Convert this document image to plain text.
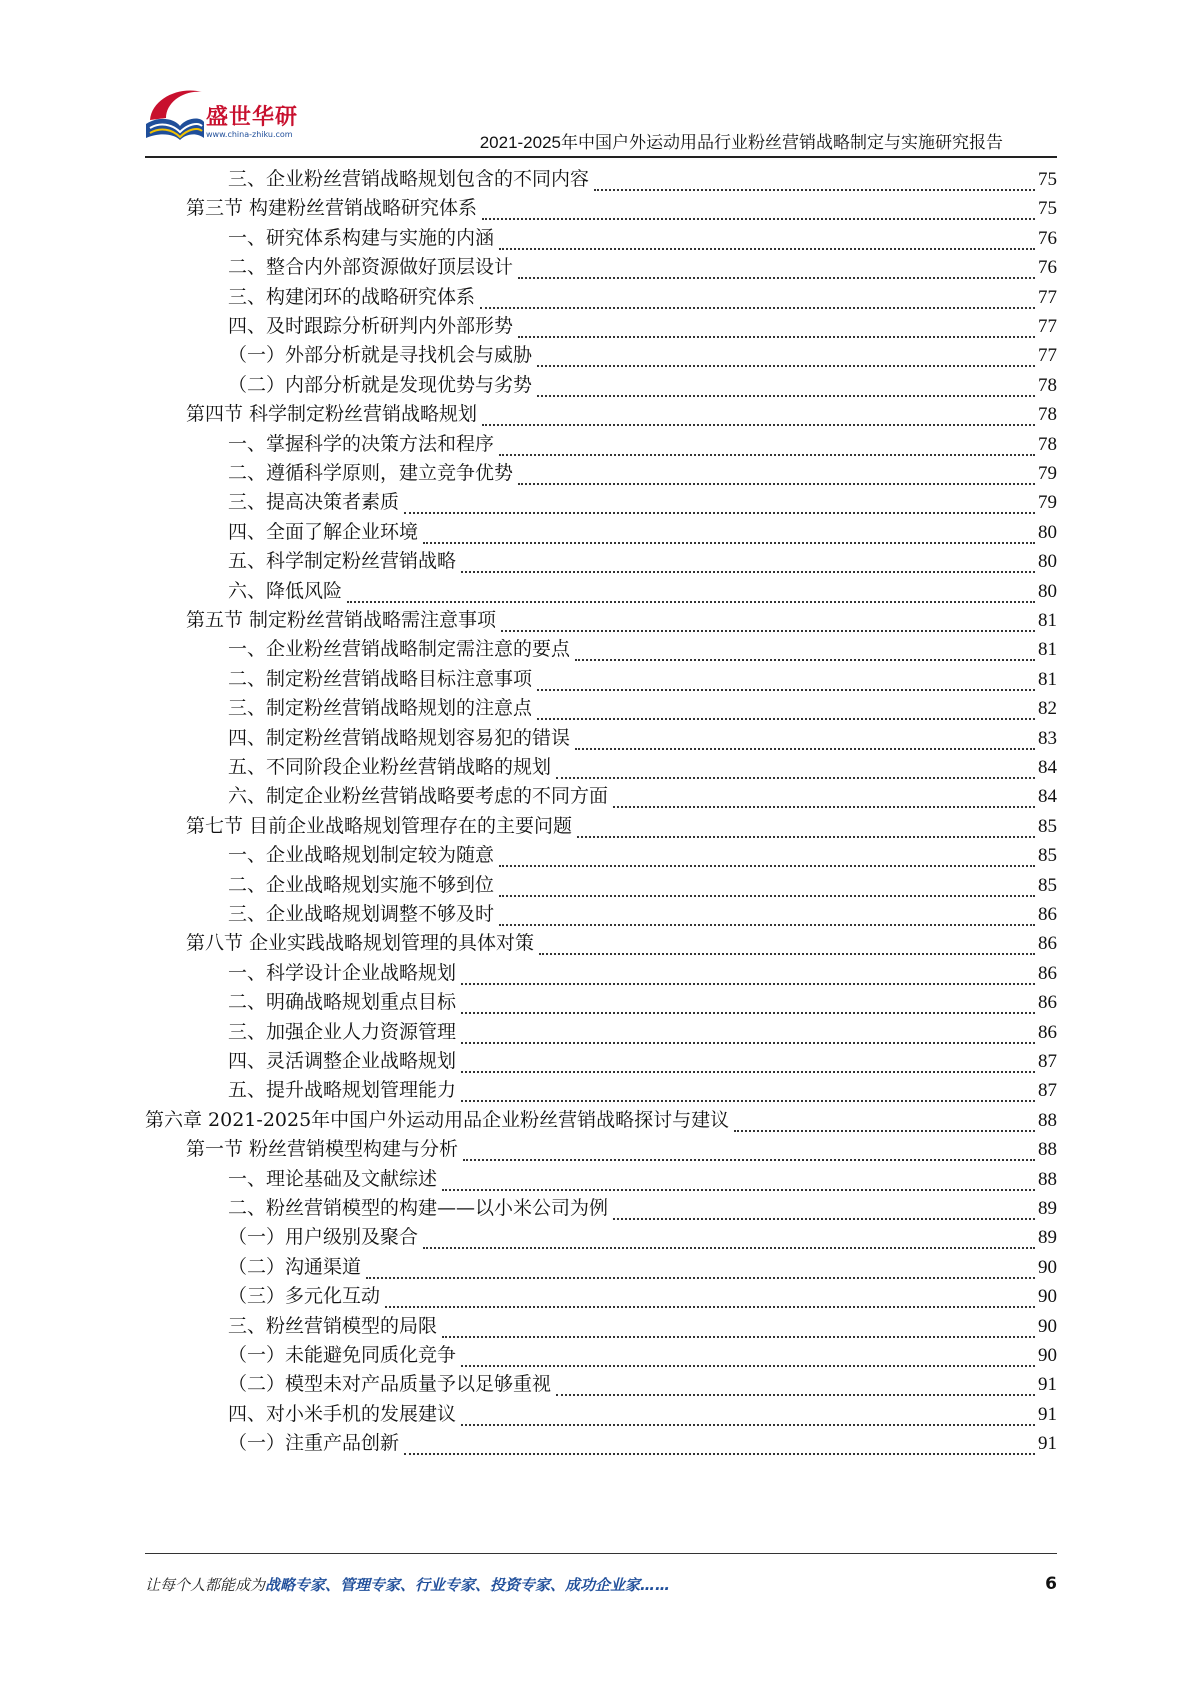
盛世华研
www.china-zhiku.com	2021-2025年中国户外运动用品行业粉丝营销战略制定与实施研究报告
三、企业粉丝营销战略规划包含的不同内容	75
第三节 构建粉丝营销战略研究体系	75
一、研究体系构建与实施的内涵	76
二、整合内外部资源做好顶层设计	76
三、构建闭环的战略研究体系	77
四、及时跟踪分析研判内外部形势	77
（一）外部分析就是寻找机会与威胁	77
（二）内部分析就是发现优势与劣势	78
第四节 科学制定粉丝营销战略规划	78
一、掌握科学的决策方法和程序	78
二、遵循科学原则，建立竞争优势	79
三、提高决策者素质	79
四、全面了解企业环境	80
五、科学制定粉丝营销战略	80
六、降低风险	80
第五节 制定粉丝营销战略需注意事项	81
一、企业粉丝营销战略制定需注意的要点	81
二、制定粉丝营销战略目标注意事项	81
三、制定粉丝营销战略规划的注意点	82
四、制定粉丝营销战略规划容易犯的错误	83
五、不同阶段企业粉丝营销战略的规划	84
六、制定企业粉丝营销战略要考虑的不同方面	84
第七节 目前企业战略规划管理存在的主要问题	85
一、企业战略规划制定较为随意	85
二、企业战略规划实施不够到位	85
三、企业战略规划调整不够及时	86
第八节 企业实践战略规划管理的具体对策	86
一、科学设计企业战略规划	86
二、明确战略规划重点目标	86
三、加强企业人力资源管理	86
四、灵活调整企业战略规划	87
五、提升战略规划管理能力	87
第六章 2021-2025年中国户外运动用品企业粉丝营销战略探讨与建议	88
第一节 粉丝营销模型构建与分析	88
一、理论基础及文献综述	88
二、粉丝营销模型的构建——以小米公司为例	89
（一）用户级别及聚合	89
（二）沟通渠道	90
（三）多元化互动	90
三、粉丝营销模型的局限	90
（一）未能避免同质化竞争	90
（二）模型未对产品质量予以足够重视	91
四、对小米手机的发展建议	91
（一）注重产品创新	91
让每个人都能成为战略专家、管理专家、行业专家、投资专家、成功企业家……	6
